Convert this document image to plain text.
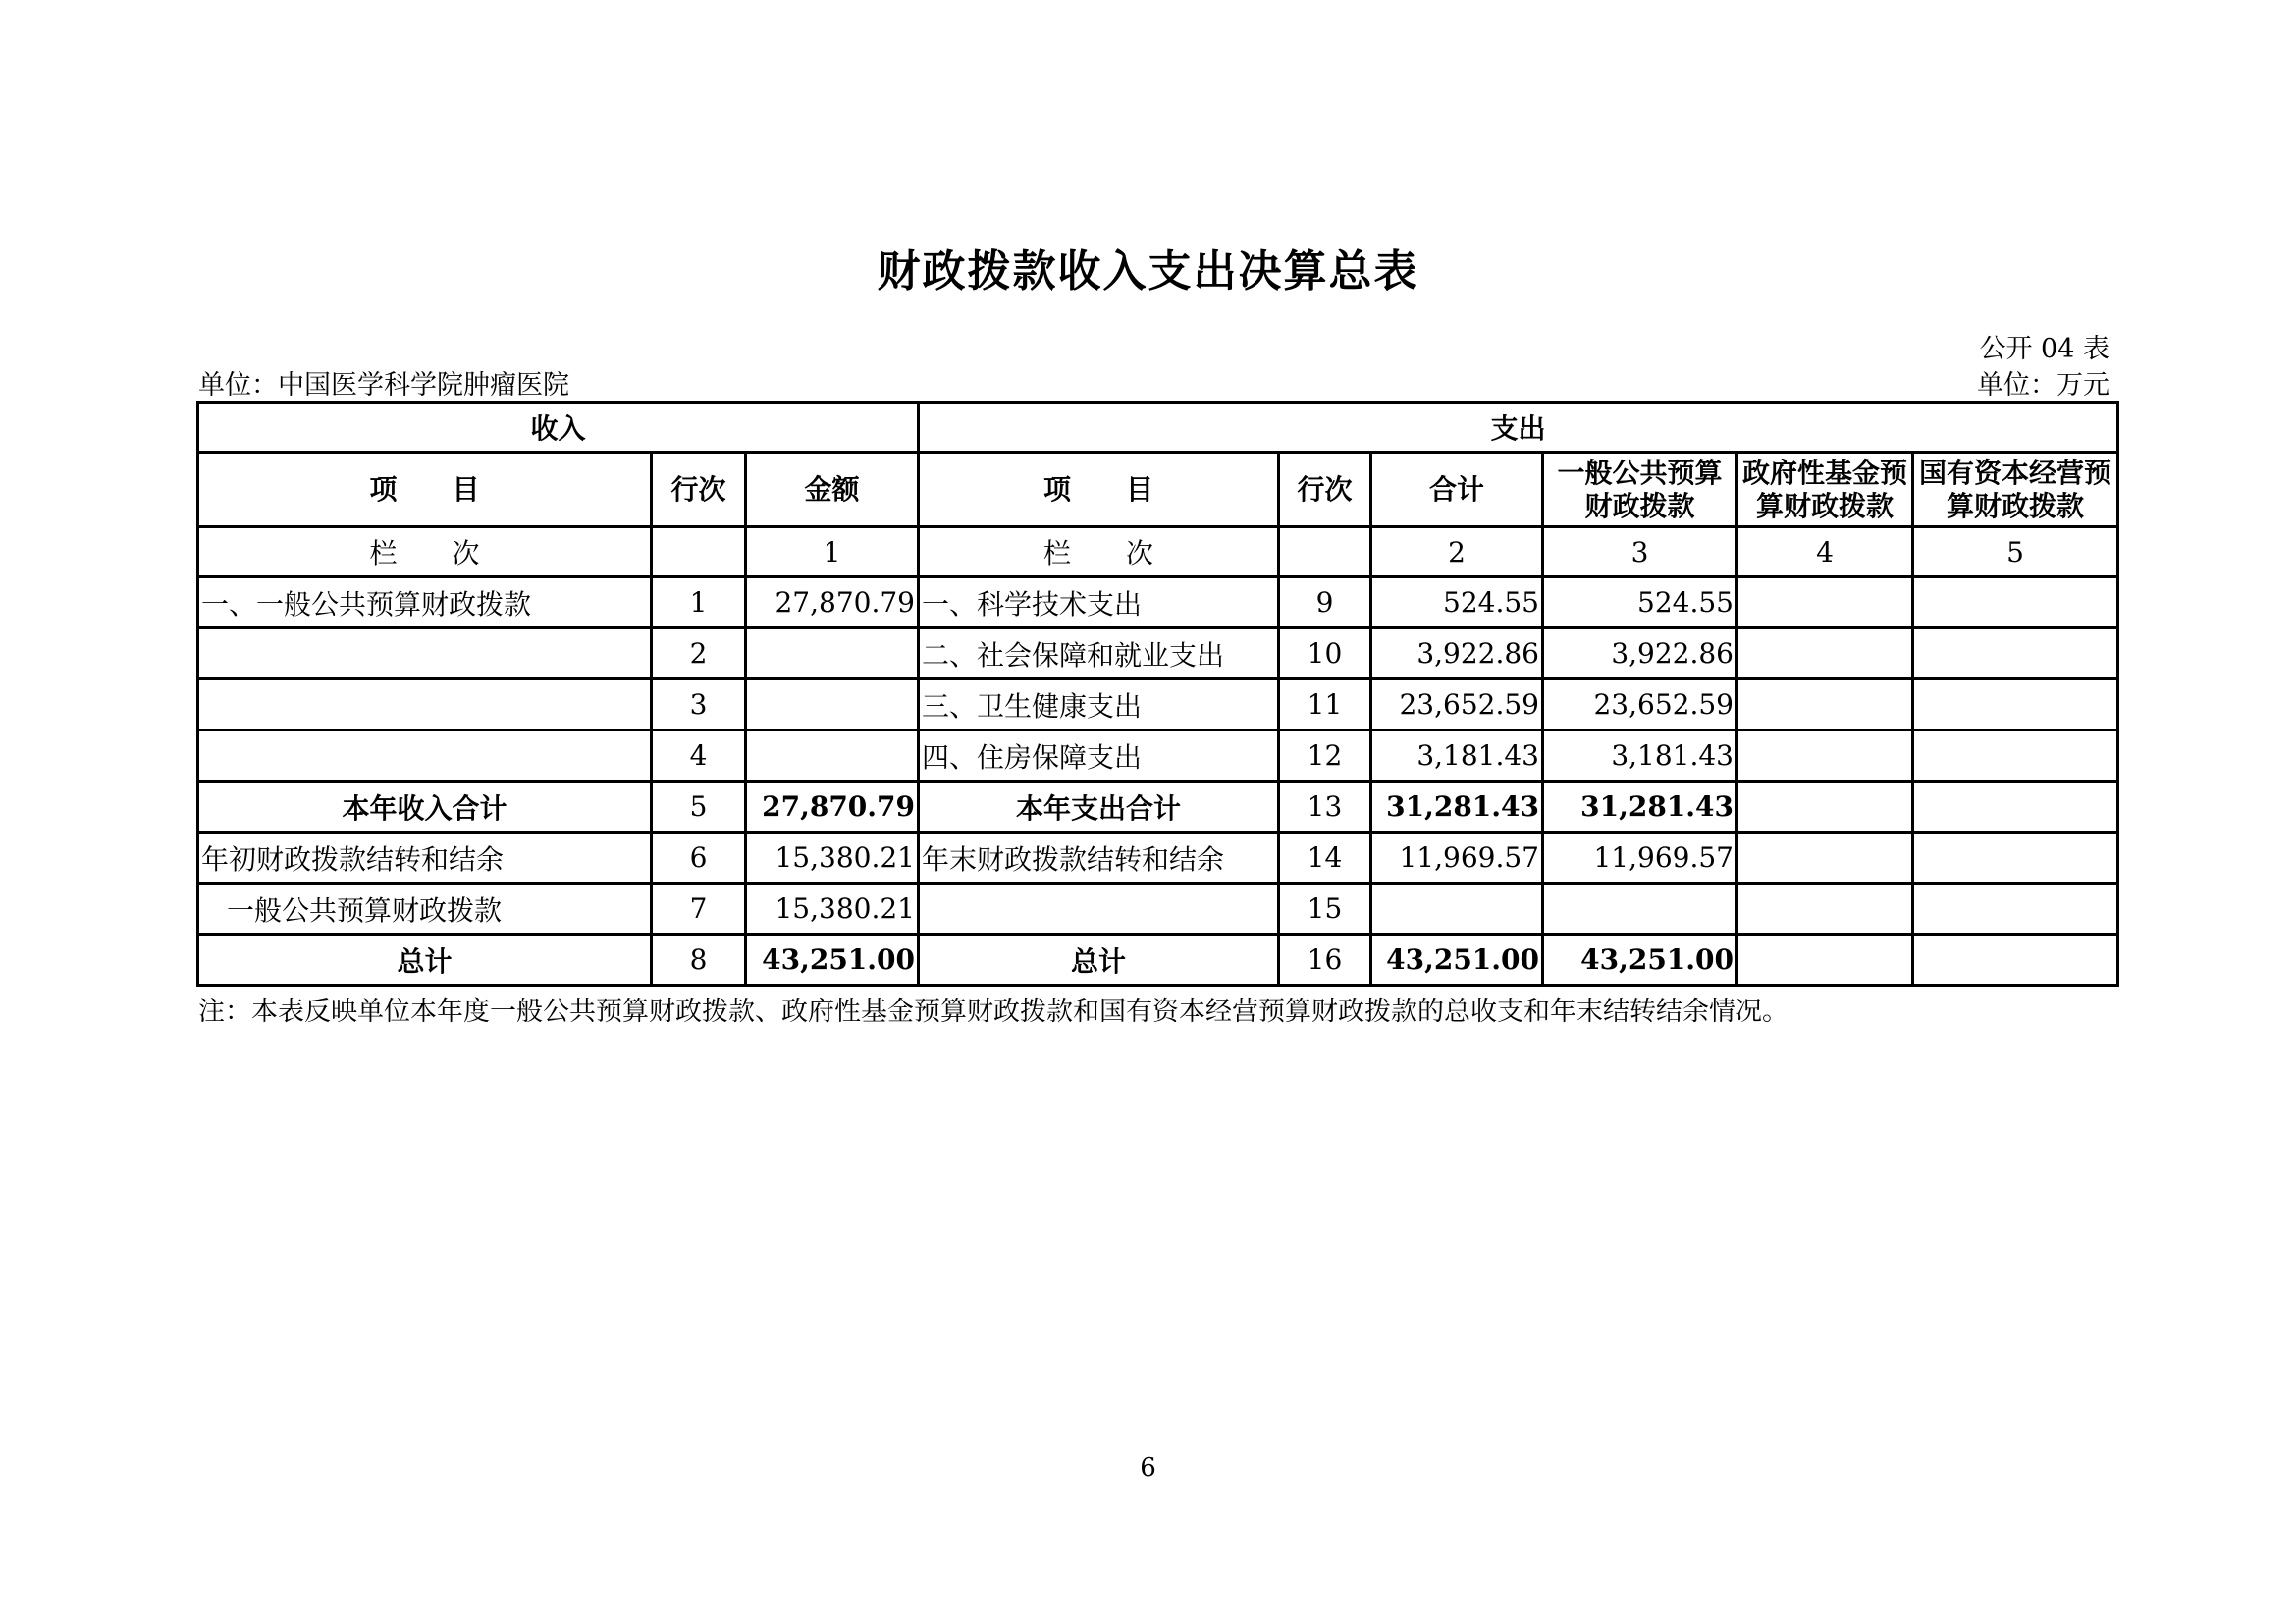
财政拨款收入支出决算总表
公开 04 表
单位：中国医学科学院肿瘤医院	单位：万元
收入			支出					
项　　目	行次	金额	项　　目	行次	合计	一般公共预算财政拨款	政府性基金预算财政拨款	国有资本经营预算财政拨款
栏　　次		1	栏　　次		2	3	4	5
一、一般公共预算财政拨款	1	27,870.79	一、科学技术支出	9	524.55	524.55		
	2		二、社会保障和就业支出	10	3,922.86	3,922.86		
	3		三、卫生健康支出	11	23,652.59	23,652.59		
	4		四、住房保障支出	12	3,181.43	3,181.43		
本年收入合计	5	27,870.79	本年支出合计	13	31,281.43	31,281.43		
年初财政拨款结转和结余	6	15,380.21	年末财政拨款结转和结余	14	11,969.57	11,969.57		
一般公共预算财政拨款	7	15,380.21		15				
总计	8	43,251.00	总计	16	43,251.00	43,251.00		
注：本表反映单位本年度一般公共预算财政拨款、政府性基金预算财政拨款和国有资本经营预算财政拨款的总收支和年末结转结余情况。
6
